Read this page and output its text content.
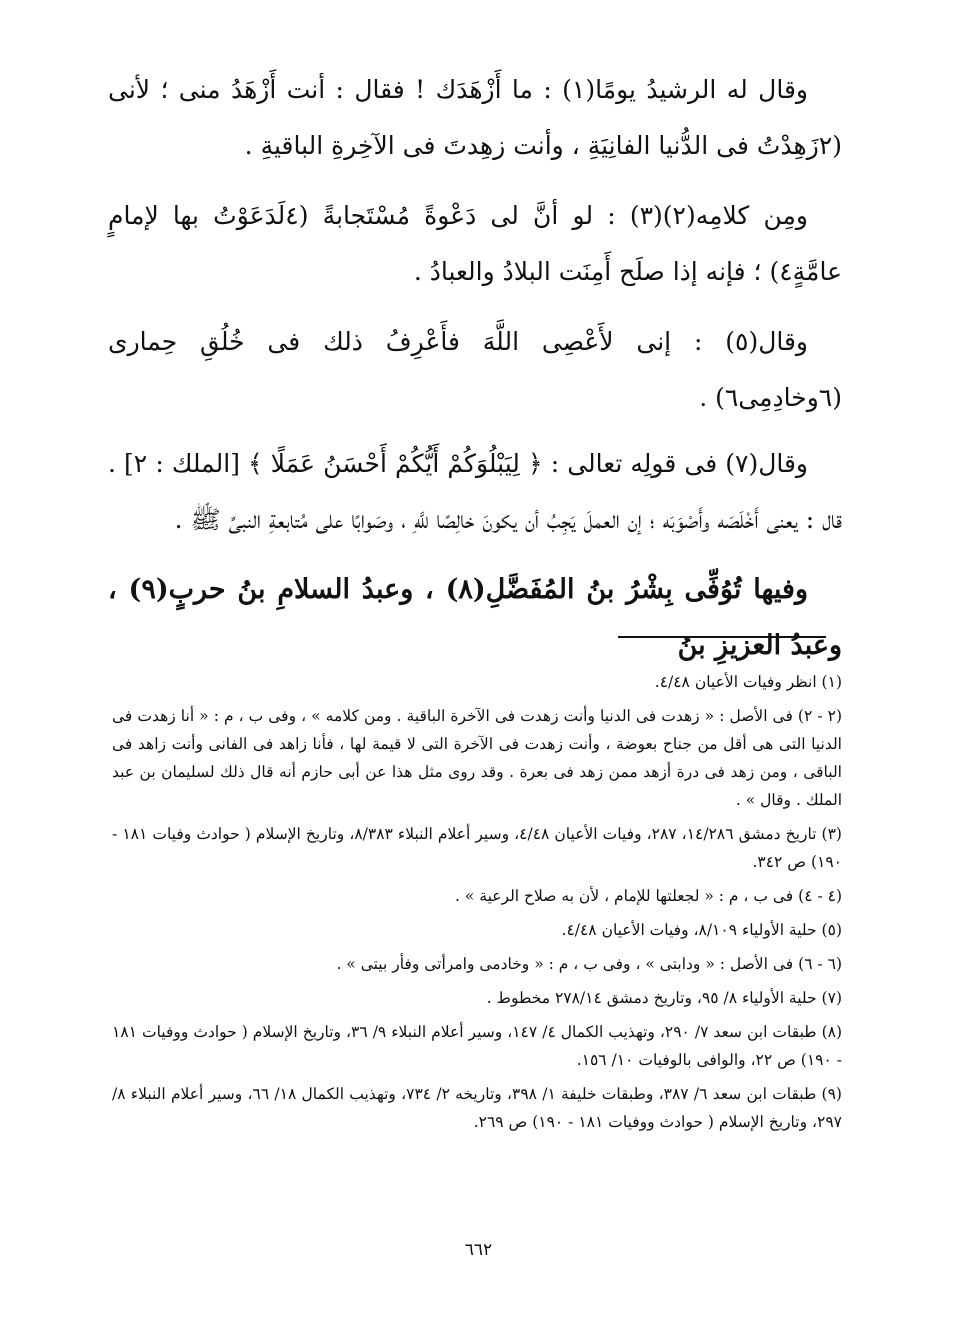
وقال له الرشيدُ يومًا(١) : ما أَزْهَدَك ! فقال : أنت أَزْهَدُ منى ؛ لأنى (٢زَهِدْتُ فى الدُّنيا الفانِيَةِ ، وأنت زهِدتَ فى الآخِرةِ الباقيةِ .

ومِن كلامِه(٢)(٣) : لو أنَّ لى دَعْوةً مُسْتَجابةً (٤لَدَعَوْتُ بها لإمامٍ عامَّةٍ٤) ؛ فإنه إذا صلَح أَمِنَت البلادُ والعبادُ .

وقال(٥) : إنى لأَعْصِى اللَّهَ فأَعْرِفُ ذلك فى خُلُقِ حِمارى (٦وخادِمِى٦) .

وقال(٧) فى قولِه تعالى : ﴿ لِيَبْلُوَكُمْ أَيُّكُمْ أَحْسَنُ عَمَلًا ﴾ [الملك : ٢] . قال : يعنى أَخْلَصَه وأَصْوَبَه ؛ إن العملَ يَجِبُ أن يكونَ خالِصًا للَّهِ ، وصَوابًا على مُتابعةِ النبىِّ ﷺ .

وفيها تُوُفِّى بِشْرُ بنُ المُفَضَّلِ(٨) ، وعبدُ السلامِ بنُ حربٍ(٩) ، وعبدُ العزيزِ بنُ

(١) انظر وفيات الأعيان ٤/٤٨.

(٢ - ٢) فى الأصل : « زهدت فى الدنيا وأنت زهدت فى الآخرة الباقية . ومن كلامه » ، وفى ب ، م : « أنا زهدت فى الدنيا التى هى أقل من جناح بعوضة ، وأنت زهدت فى الآخرة التى لا قيمة لها ، فأنا زاهد فى الفانى وأنت زاهد فى الباقى ، ومن زهد فى درة أزهد ممن زهد فى بعرة . وقد روى مثل هذا عن أبى حازم أنه قال ذلك لسليمان بن عبد الملك . وقال » .

(٣) تاريخ دمشق ١٤/٢٨٦، ٢٨٧، وفيات الأعيان ٤/٤٨، وسير أعلام النبلاء ٨/٣٨٣، وتاريخ الإسلام ( حوادث وفيات ١٨١ - ١٩٠) ص ٣٤٢.

(٤ - ٤) فى ب ، م : « لجعلتها للإمام ، لأن به صلاح الرعية » .

(٥) حلية الأولياء ٨/١٠٩، وفيات الأعيان ٤/٤٨.

(٦ - ٦) فى الأصل : « ودابتى » ، وفى ب ، م : « وخادمى وامرأتى وفأر بيتى » .

(٧) حلية الأولياء ٨/ ٩٥، وتاريخ دمشق ٢٧٨/١٤ مخطوط .

(٨) طبقات ابن سعد ٧/ ٢٩٠، وتهذيب الكمال ٤/ ١٤٧، وسير أعلام النبلاء ٩/ ٣٦، وتاريخ الإسلام ( حوادث ووفيات ١٨١ - ١٩٠) ص ٢٢، والوافى بالوفيات ١٠/ ١٥٦.

(٩) طبقات ابن سعد ٦/ ٣٨٧، وطبقات خليفة ١/ ٣٩٨، وتاريخه ٢/ ٧٣٤، وتهذيب الكمال ١٨/ ٦٦، وسير أعلام النبلاء ٨/ ٢٩٧، وتاريخ الإسلام ( حوادث ووفيات ١٨١ - ١٩٠) ص ٢٦٩.

٦٦٢
